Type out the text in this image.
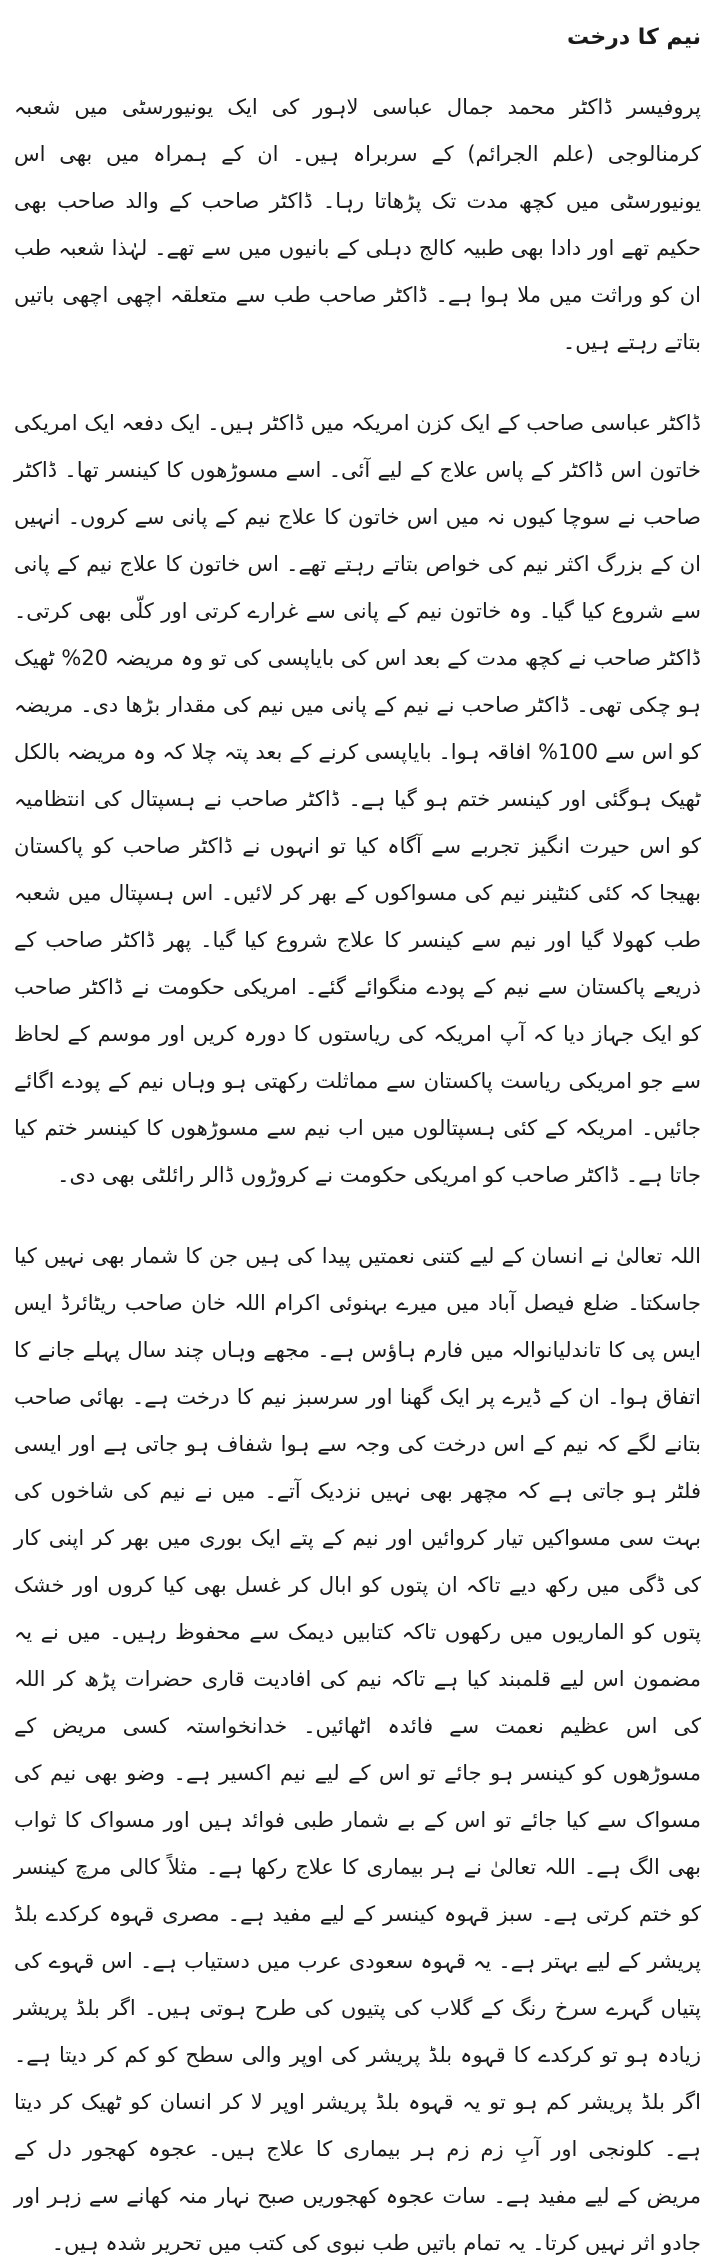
نیم کا درخت

پروفیسر ڈاکٹر محمد جمال عباسی لاہور کی ایک یونیورسٹی میں شعبہ کرمنالوجی (علم الجرائم) کے سربراہ ہیں۔ ان کے ہمراہ میں بھی اس یونیورسٹی میں کچھ مدت تک پڑھاتا رہا۔ ڈاکٹر صاحب کے والد صاحب بھی حکیم تھے اور دادا بھی طبیہ کالج دہلی کے بانیوں میں سے تھے۔ لہٰذا شعبہ طب ان کو وراثت میں ملا ہوا ہے۔ ڈاکٹر صاحب طب سے متعلقہ اچھی اچھی باتیں بتاتے رہتے ہیں۔

ڈاکٹر عباسی صاحب کے ایک کزن امریکہ میں ڈاکٹر ہیں۔ ایک دفعہ ایک امریکی خاتون اس ڈاکٹر کے پاس علاج کے لیے آئی۔ اسے مسوڑھوں کا کینسر تھا۔ ڈاکٹر صاحب نے سوچا کیوں نہ میں اس خاتون کا علاج نیم کے پانی سے کروں۔ انہیں ان کے بزرگ اکثر نیم کی خواص بتاتے رہتے تھے۔ اس خاتون کا علاج نیم کے پانی سے شروع کیا گیا۔ وہ خاتون نیم کے پانی سے غرارے کرتی اور کلّی بھی کرتی۔ ڈاکٹر صاحب نے کچھ مدت کے بعد اس کی بایاپسی کی تو وہ مریضہ 20% ٹھیک ہو چکی تھی۔ ڈاکٹر صاحب نے نیم کے پانی میں نیم کی مقدار بڑھا دی۔ مریضہ کو اس سے 100% افاقہ ہوا۔ بایاپسی کرنے کے بعد پتہ چلا کہ وہ مریضہ بالکل ٹھیک ہوگئی اور کینسر ختم ہو گیا ہے۔ ڈاکٹر صاحب نے ہسپتال کی انتظامیہ کو اس حیرت انگیز تجربے سے آگاہ کیا تو انہوں نے ڈاکٹر صاحب کو پاکستان بھیجا کہ کئی کنٹینر نیم کی مسواکوں کے بھر کر لائیں۔ اس ہسپتال میں شعبہ طب کھولا گیا اور نیم سے کینسر کا علاج شروع کیا گیا۔ پھر ڈاکٹر صاحب کے ذریعے پاکستان سے نیم کے پودے منگوائے گئے۔ امریکی حکومت نے ڈاکٹر صاحب کو ایک جہاز دیا کہ آپ امریکہ کی ریاستوں کا دورہ کریں اور موسم کے لحاظ سے جو امریکی ریاست پاکستان سے مماثلت رکھتی ہو وہاں نیم کے پودے اگائے جائیں۔ امریکہ کے کئی ہسپتالوں میں اب نیم سے مسوڑھوں کا کینسر ختم کیا جاتا ہے۔ ڈاکٹر صاحب کو امریکی حکومت نے کروڑوں ڈالر رائلٹی بھی دی۔

اللہ تعالیٰ نے انسان کے لیے کتنی نعمتیں پیدا کی ہیں جن کا شمار بھی نہیں کیا جاسکتا۔ ضلع فیصل آباد میں میرے بہنوئی اکرام اللہ خان صاحب ریٹائرڈ ایس ایس پی کا تاندلیانوالہ میں فارم ہاؤس ہے۔ مجھے وہاں چند سال پہلے جانے کا اتفاق ہوا۔ ان کے ڈیرے پر ایک گھنا اور سرسبز نیم کا درخت ہے۔ بھائی صاحب بتانے لگے کہ نیم کے اس درخت کی وجہ سے ہوا شفاف ہو جاتی ہے اور ایسی فلٹر ہو جاتی ہے کہ مچھر بھی نہیں نزدیک آتے۔ میں نے نیم کی شاخوں کی بہت سی مسواکیں تیار کروائیں اور نیم کے پتے ایک بوری میں بھر کر اپنی کار کی ڈگی میں رکھ دیے تاکہ ان پتوں کو ابال کر غسل بھی کیا کروں اور خشک پتوں کو الماریوں میں رکھوں تاکہ کتابیں دیمک سے محفوظ رہیں۔ میں نے یہ مضمون اس لیے قلمبند کیا ہے تاکہ نیم کی افادیت قاری حضرات پڑھ کر اللہ کی اس عظیم نعمت سے فائدہ اٹھائیں۔ خدانخواستہ کسی مریض کے مسوڑھوں کو کینسر ہو جائے تو اس کے لیے نیم اکسیر ہے۔ وضو بھی نیم کی مسواک سے کیا جائے تو اس کے بے شمار طبی فوائد ہیں اور مسواک کا ثواب بھی الگ ہے۔ اللہ تعالیٰ نے ہر بیماری کا علاج رکھا ہے۔ مثلاً کالی مرچ کینسر کو ختم کرتی ہے۔ سبز قہوہ کینسر کے لیے مفید ہے۔ مصری قہوہ کرکدے بلڈ پریشر کے لیے بہتر ہے۔ یہ قہوہ سعودی عرب میں دستیاب ہے۔ اس قہوے کی پتیاں گہرے سرخ رنگ کے گلاب کی پتیوں کی طرح ہوتی ہیں۔ اگر بلڈ پریشر زیادہ ہو تو کرکدے کا قہوہ بلڈ پریشر کی اوپر والی سطح کو کم کر دیتا ہے۔ اگر بلڈ پریشر کم ہو تو یہ قہوہ بلڈ پریشر اوپر لا کر انسان کو ٹھیک کر دیتا ہے۔ کلونجی اور آبِ زم زم ہر بیماری کا علاج ہیں۔ عجوہ کھجور دل کے مریض کے لیے مفید ہے۔ سات عجوہ کھجوریں صبح نہار منہ کھانے سے زہر اور جادو اثر نہیں کرتا۔ یہ تمام باتیں طب نبوی کی کتب میں تحریر شدہ ہیں۔
